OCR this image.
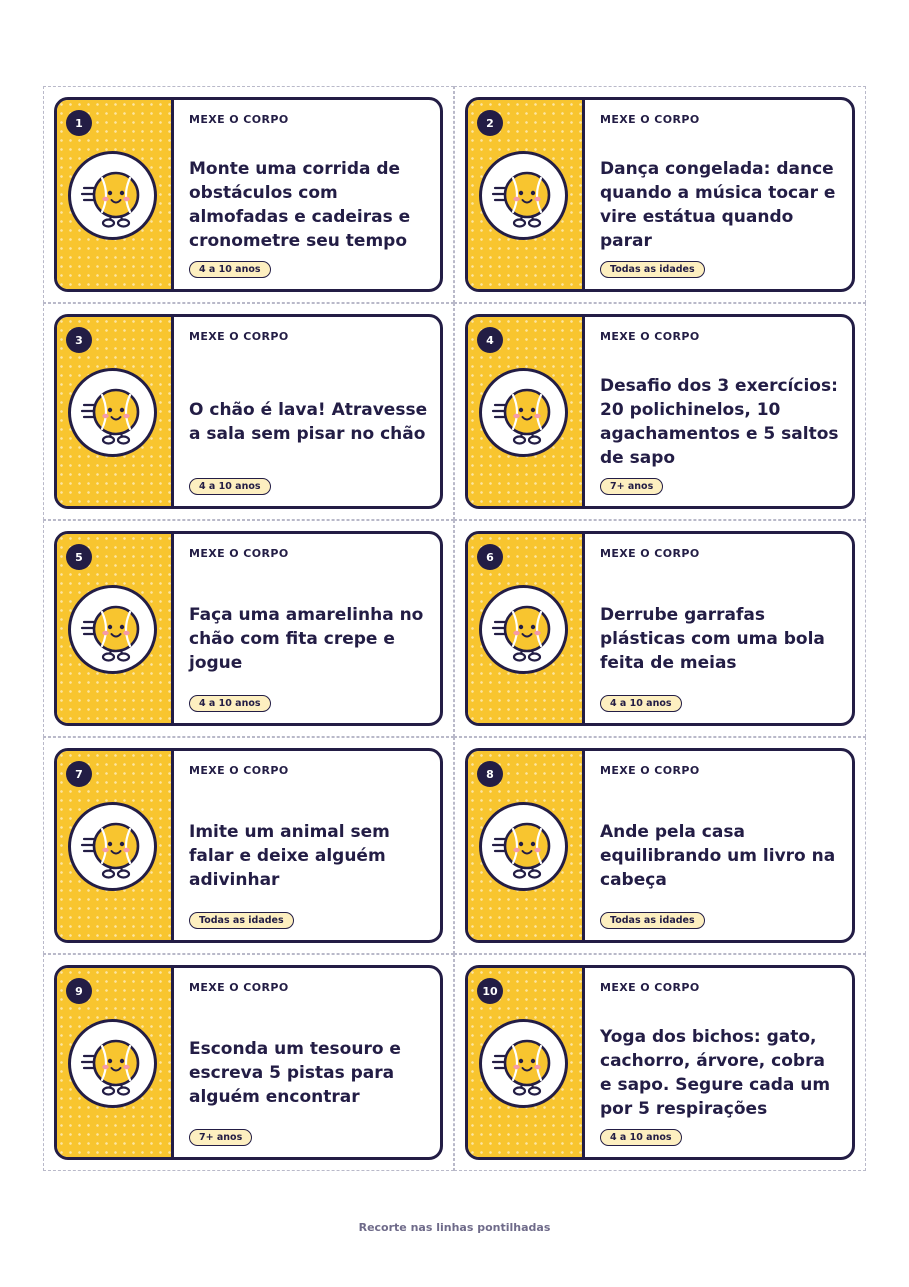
1	MEXE O CORPO
Monte uma corrida de obstáculos com almofadas e cadeiras e cronometre seu tempo
4 a 10 anos
2	MEXE O CORPO
Dança congelada: dance quando a música tocar e vire estátua quando parar
Todas as idades
3	MEXE O CORPO
O chão é lava! Atravesse a sala sem pisar no chão
4 a 10 anos
4	MEXE O CORPO
Desafio dos 3 exercícios: 20 polichinelos, 10 agachamentos e 5 saltos de sapo
7+ anos
5	MEXE O CORPO
Faça uma amarelinha no chão com fita crepe e jogue
4 a 10 anos
6	MEXE O CORPO
Derrube garrafas plásticas com uma bola feita de meias
4 a 10 anos
7	MEXE O CORPO
Imite um animal sem falar e deixe alguém adivinhar
Todas as idades
8	MEXE O CORPO
Ande pela casa equilibrando um livro na cabeça
Todas as idades
9	MEXE O CORPO
Esconda um tesouro e escreva 5 pistas para alguém encontrar
7+ anos
10	MEXE O CORPO
Yoga dos bichos: gato, cachorro, árvore, cobra e sapo. Segure cada um por 5 respirações
4 a 10 anos
Recorte nas linhas pontilhadas
